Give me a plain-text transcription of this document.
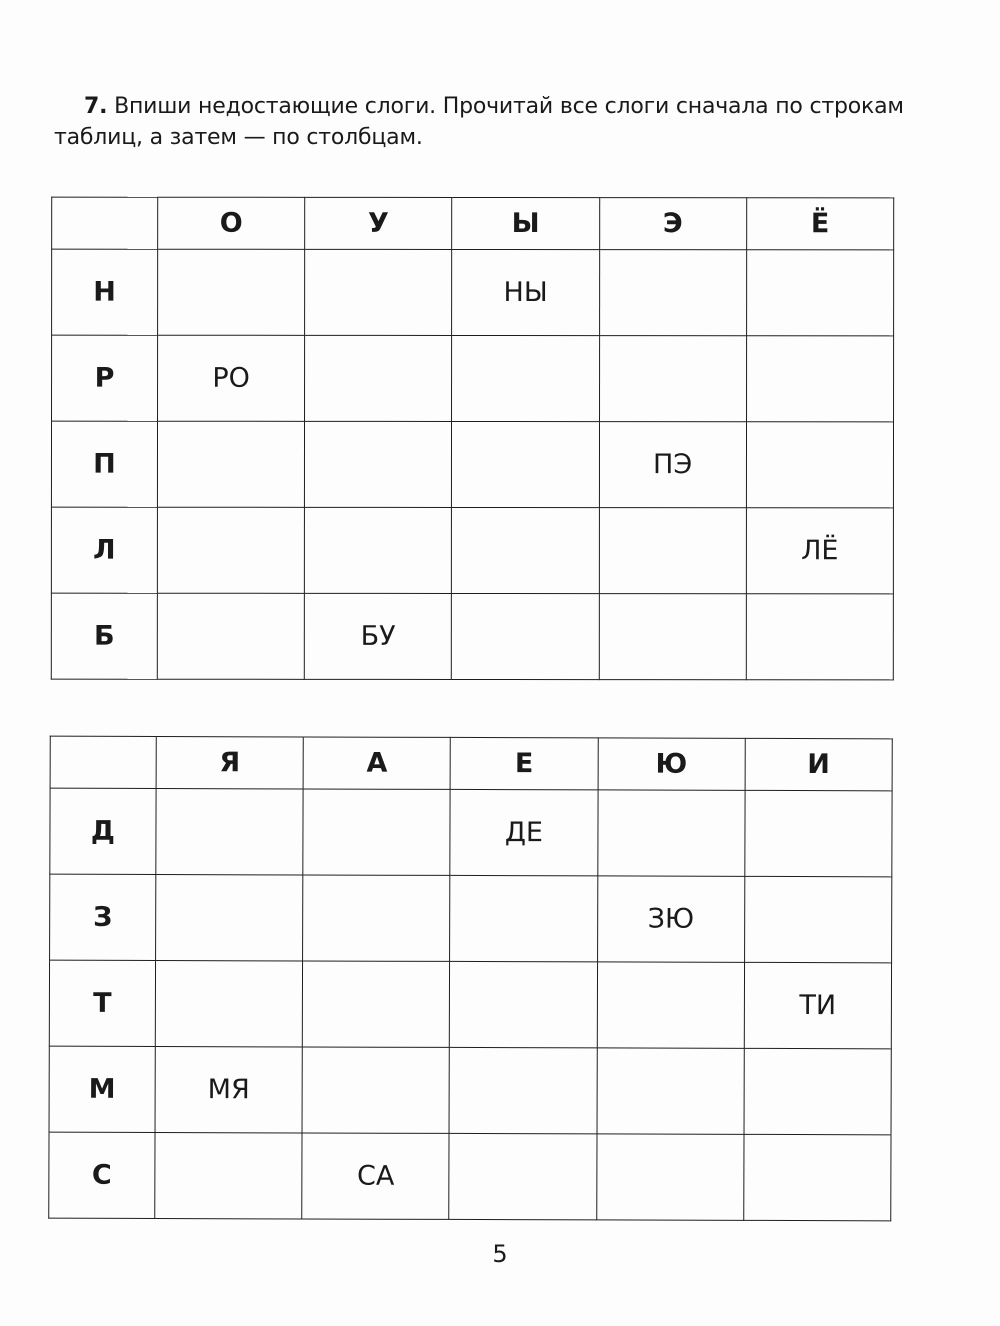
7. Впиши недостающие слоги. Прочитай все слоги сначала по строкам
таблиц, а затем — по столбцам.
	О	У	Ы	Э	Ё
Н			НЫ		
Р	РО				
П				ПЭ	
Л					ЛЁ
Б		БУ			
	Я	А	Е	Ю	И
Д			ДЕ		
З				ЗЮ	
Т					ТИ
М	МЯ				
С		СА			
5
